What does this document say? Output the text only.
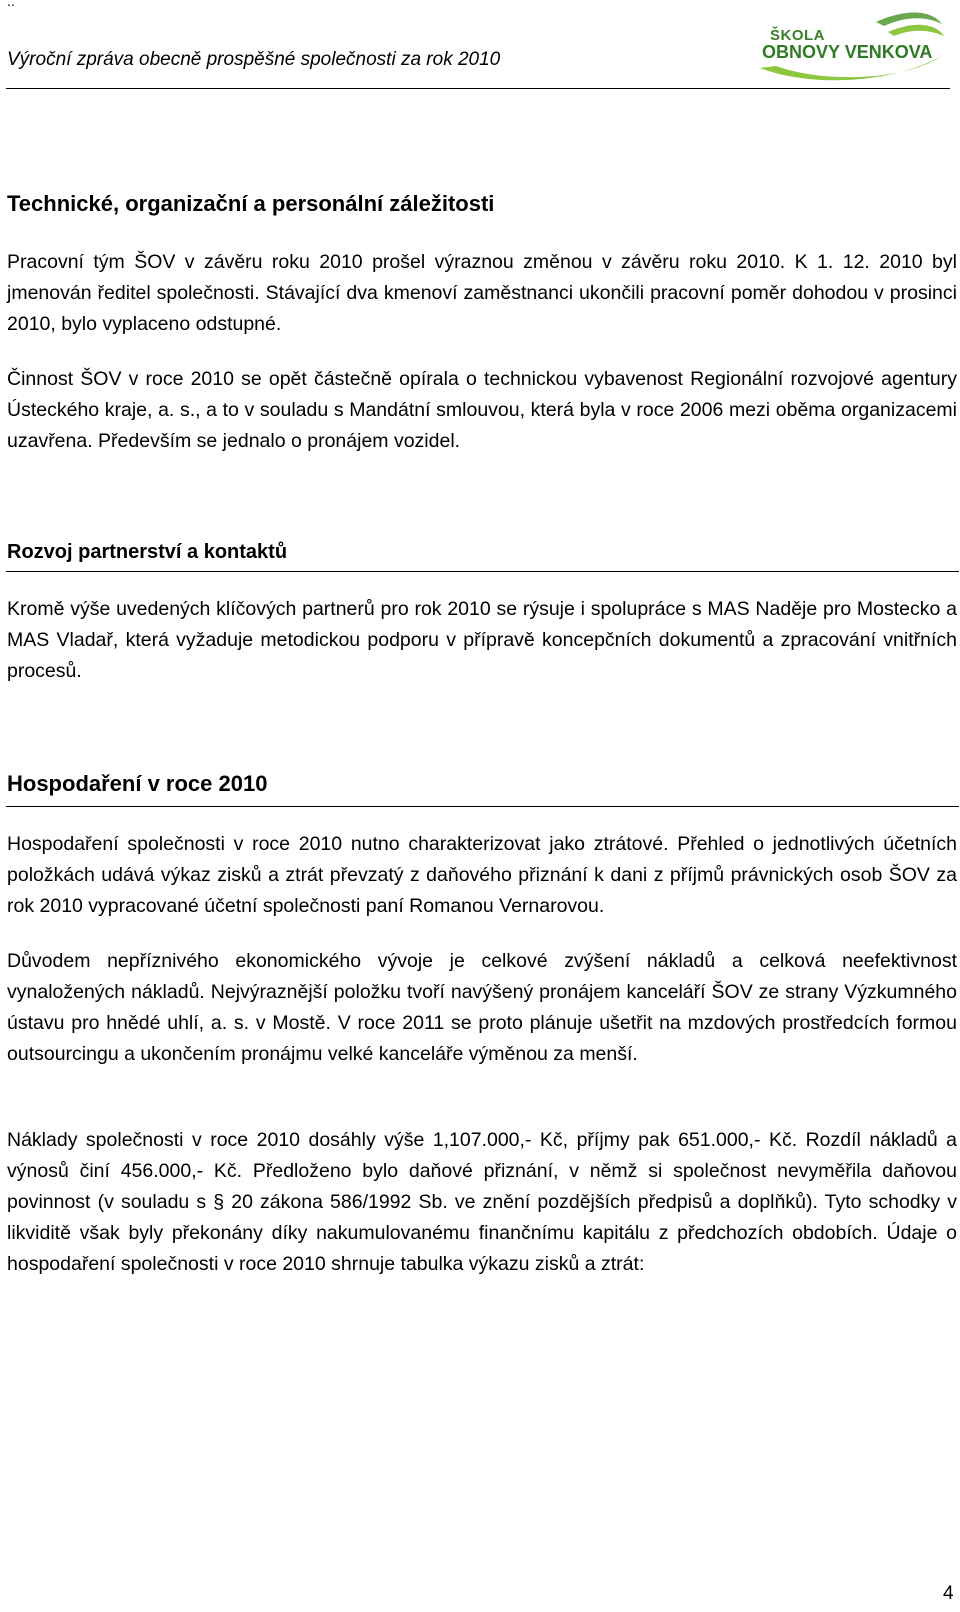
..
Výroční zpráva obecně prospěšné společnosti za rok 2010
ŠKOLA
OBNOVY VENKOVA
Technické, organizační a personální záležitosti

Pracovní tým ŠOV v závěru roku 2010 prošel výraznou změnou v závěru roku 2010. K 1. 12. 2010 byl jmenován ředitel společnosti. Stávající dva kmenoví zaměstnanci ukončili pracovní poměr dohodou v prosinci 2010, bylo vyplaceno odstupné.

Činnost ŠOV v roce 2010 se opět částečně opírala o technickou vybavenost Regionální rozvojové agentury Ústeckého kraje, a. s., a to v souladu s Mandátní smlouvou, která byla v roce 2006 mezi oběma organizacemi uzavřena. Především se jednalo o pronájem vozidel.

Rozvoj partnerství a kontaktů

Kromě výše uvedených klíčových partnerů pro rok 2010 se rýsuje i spolupráce s MAS Naděje pro Mostecko a MAS Vladař, která vyžaduje metodickou podporu v přípravě koncepčních dokumentů a zpracování vnitřních procesů.

Hospodaření v roce 2010

Hospodaření společnosti v roce 2010 nutno charakterizovat jako ztrátové. Přehled o jednotlivých účetních položkách udává výkaz zisků a ztrát převzatý z daňového přiznání k dani z příjmů právnických osob ŠOV za rok 2010 vypracované účetní společnosti paní Romanou Vernarovou.

Důvodem nepříznivého ekonomického vývoje je celkové zvýšení nákladů a celková neefektivnost vynaložených nákladů. Nejvýraznější položku tvoří navýšený pronájem kanceláří ŠOV ze strany Výzkumného ústavu pro hnědé uhlí, a. s. v Mostě. V roce 2011 se proto plánuje ušetřit na mzdových prostředcích formou outsourcingu a ukončením pronájmu velké kanceláře výměnou za menší.

Náklady společnosti v roce 2010 dosáhly výše 1,107.000,- Kč, příjmy pak 651.000,- Kč. Rozdíl nákladů a výnosů činí 456.000,- Kč. Předloženo bylo daňové přiznání, v němž si společnost nevyměřila daňovou povinnost (v souladu s § 20 zákona 586/1992 Sb. ve znění pozdějších předpisů a doplňků). Tyto schodky v likviditě však byly překonány díky nakumulovanému finančnímu kapitálu z předchozích obdobích. Údaje o hospodaření společnosti v roce 2010 shrnuje tabulka výkazu zisků a ztrát:

4
